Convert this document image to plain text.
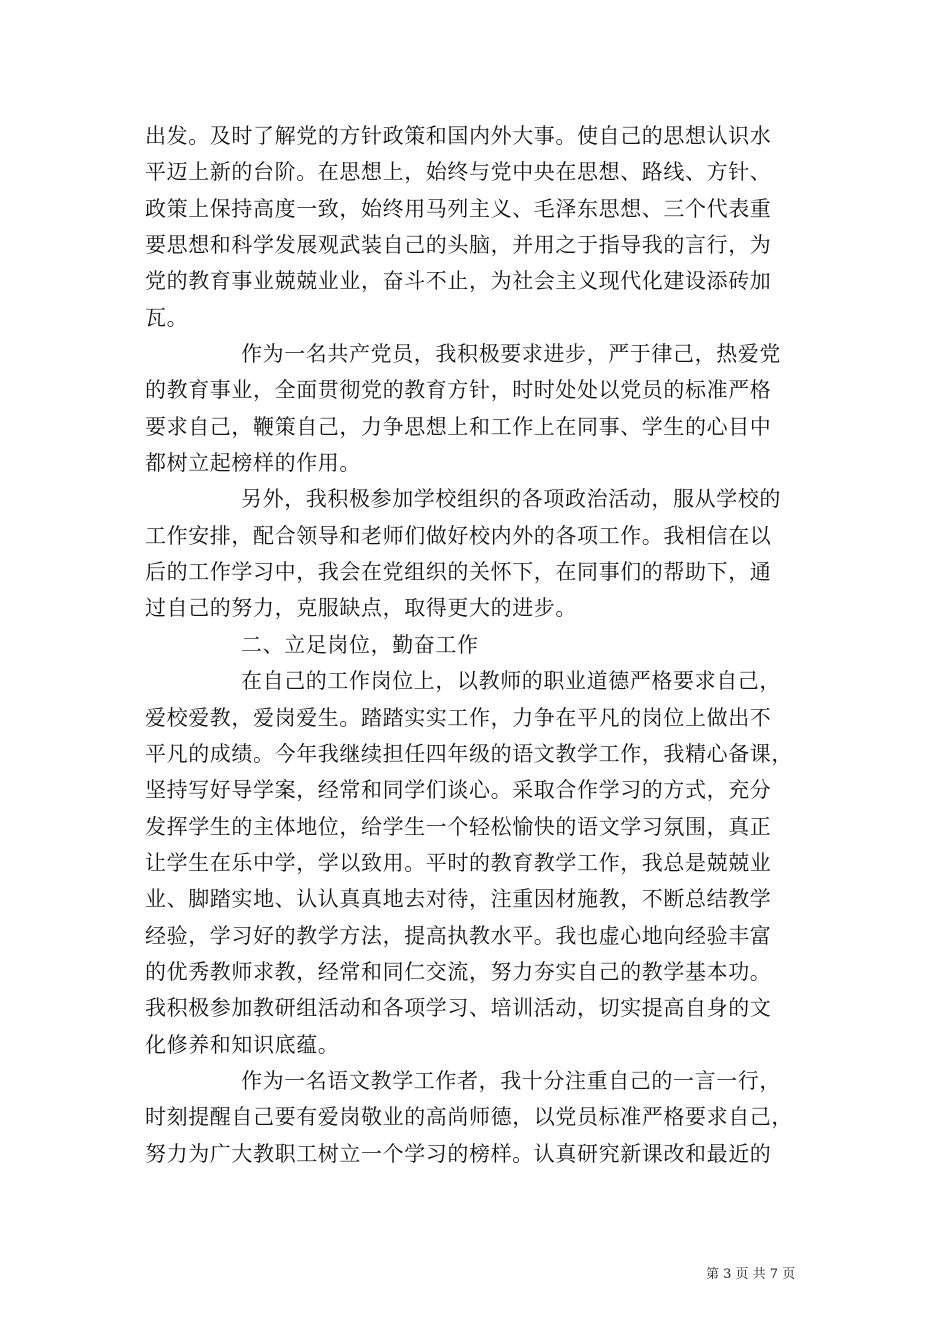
出发。及时了解党的方针政策和国内外大事。使自己的思想认识水
平迈上新的台阶。在思想上，始终与党中央在思想、路线、方针、
政策上保持高度一致，始终用马列主义、毛泽东思想、三个代表重
要思想和科学发展观武装自己的头脑，并用之于指导我的言行，为
党的教育事业兢兢业业，奋斗不止，为社会主义现代化建设添砖加
瓦。
作为一名共产党员，我积极要求进步，严于律己，热爱党
的教育事业，全面贯彻党的教育方针，时时处处以党员的标准严格
要求自己，鞭策自己，力争思想上和工作上在同事、学生的心目中
都树立起榜样的作用。
另外，我积极参加学校组织的各项政治活动，服从学校的
工作安排，配合领导和老师们做好校内外的各项工作。我相信在以
后的工作学习中，我会在党组织的关怀下，在同事们的帮助下，通
过自己的努力，克服缺点，取得更大的进步。
二、立足岗位，勤奋工作
在自己的工作岗位上，以教师的职业道德严格要求自己，
爱校爱教，爱岗爱生。踏踏实实工作，力争在平凡的岗位上做出不
平凡的成绩。今年我继续担任四年级的语文教学工作，我精心备课，
坚持写好导学案，经常和同学们谈心。采取合作学习的方式，充分
发挥学生的主体地位，给学生一个轻松愉快的语文学习氛围，真正
让学生在乐中学，学以致用。平时的教育教学工作，我总是兢兢业
业、脚踏实地、认认真真地去对待，注重因材施教，不断总结教学
经验，学习好的教学方法，提高执教水平。我也虚心地向经验丰富
的优秀教师求教，经常和同仁交流，努力夯实自己的教学基本功。
我积极参加教研组活动和各项学习、培训活动，切实提高自身的文
化修养和知识底蕴。
作为一名语文教学工作者，我十分注重自己的一言一行，
时刻提醒自己要有爱岗敬业的高尚师德，以党员标准严格要求自己，
努力为广大教职工树立一个学习的榜样。认真研究新课改和最近的
第 3 页 共 7 页
